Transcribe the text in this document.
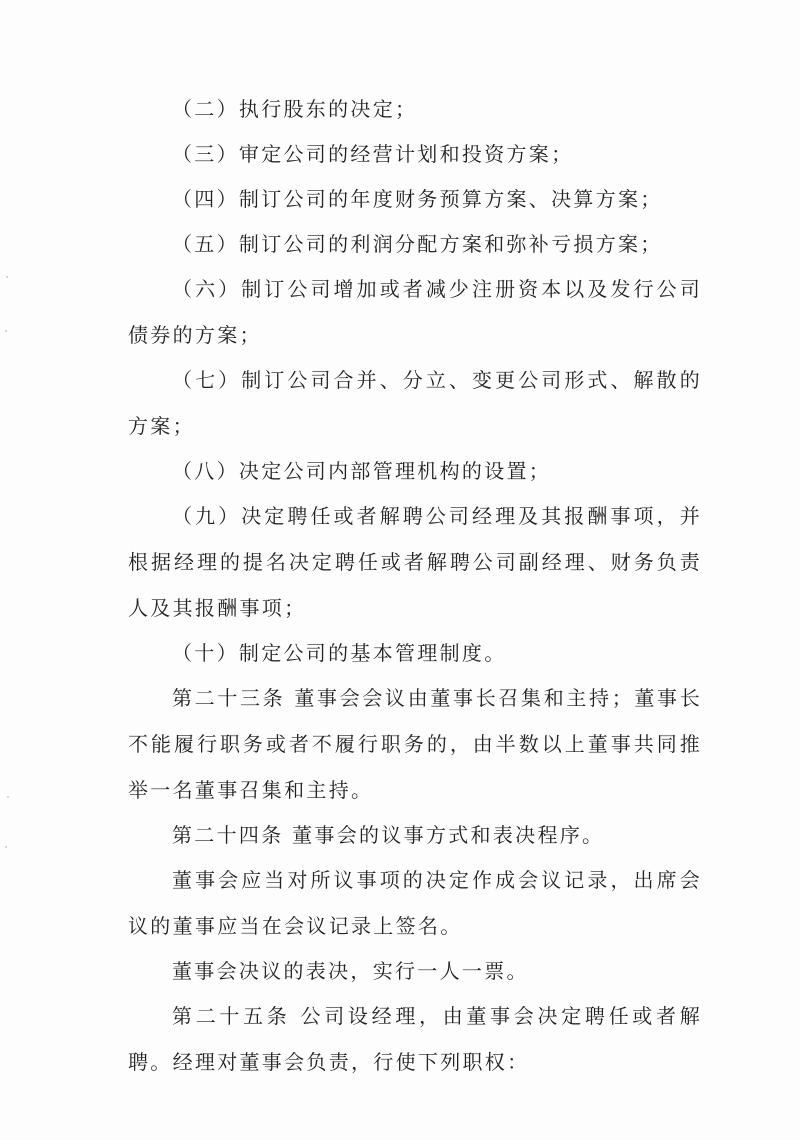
（二）执行股东的决定；

（三）审定公司的经营计划和投资方案；

（四）制订公司的年度财务预算方案、决算方案；

（五）制订公司的利润分配方案和弥补亏损方案；

（六）制订公司增加或者减少注册资本以及发行公司债券的方案；

（七）制订公司合并、分立、变更公司形式、解散的方案；

（八）决定公司内部管理机构的设置；

（九）决定聘任或者解聘公司经理及其报酬事项，并根据经理的提名决定聘任或者解聘公司副经理、财务负责人及其报酬事项；

（十）制定公司的基本管理制度。

第二十三条 董事会会议由董事长召集和主持；董事长不能履行职务或者不履行职务的，由半数以上董事共同推举一名董事召集和主持。

第二十四条 董事会的议事方式和表决程序。

董事会应当对所议事项的决定作成会议记录，出席会议的董事应当在会议记录上签名。

董事会决议的表决，实行一人一票。

第二十五条 公司设经理，由董事会决定聘任或者解聘。经理对董事会负责，行使下列职权：
